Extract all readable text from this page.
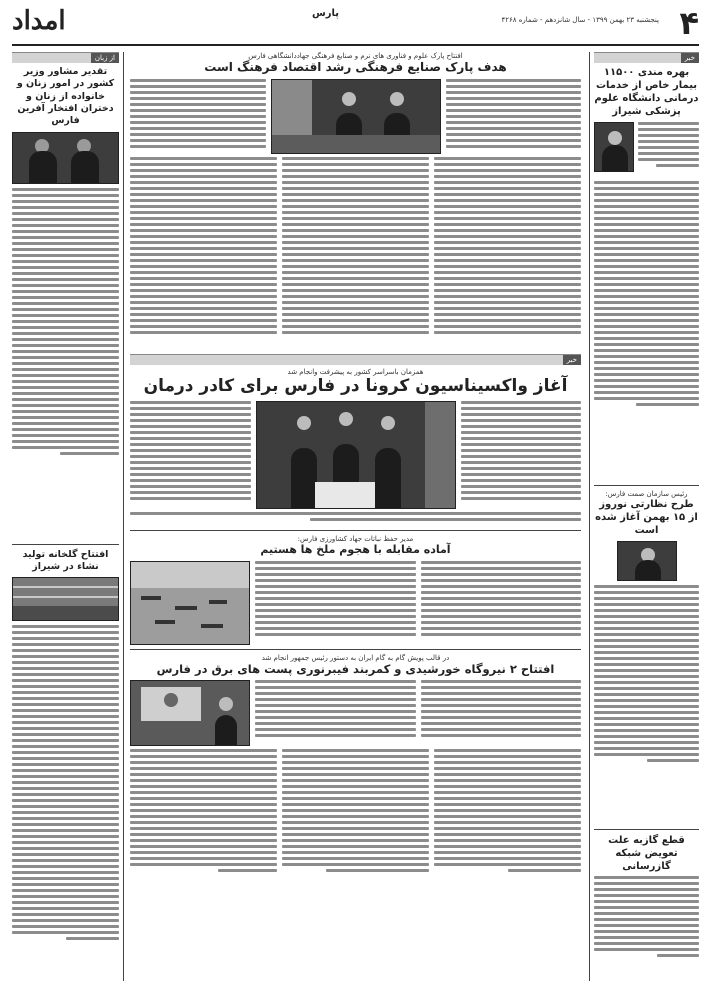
۴
پنجشنبه ۲۳ بهمن ۱۳۹۹ - سال شانزدهم - شماره ۴۲۶۸
پارس
امداد
خبر
بهره مندی ۱۱۵۰۰ بیمار خاص از خدمات درمانی دانشگاه علوم پزشکی شیراز
رئیس سازمان صمت فارس:
طرح نظارتی نوروز از ۱۵ بهمن آغاز شده است
قطع گازبه علت تعویض شبکه گازرسانی
از زبان
تقدیر مشاور وزیر کشور در امور زنان و خانواده از زنان و دختران افتخار آفرین فارس
افتتاح گلخانه تولید نشاء در شیراز
افتتاح پارک علوم و فناوری های نرم و صنایع فرهنگی جهاددانشگاهی فارس
هدف پارک صنایع فرهنگی رشد اقتصاد فرهنگ است
خبر
همزمان باسراسر کشور به پیشرفت وانجام شد
آغاز واکسیناسیون کرونا در فارس برای کادر درمان
مدیر حفظ نباتات جهاد کشاورزی فارس:
آماده مقابله با هجوم ملخ ها هستیم
در قالب پویش گام به گام ایران به دستور رئیس جمهور انجام شد
افتتاح ۲ نیروگاه خورشیدی و کمربند فیبرنوری پست های برق در فارس
